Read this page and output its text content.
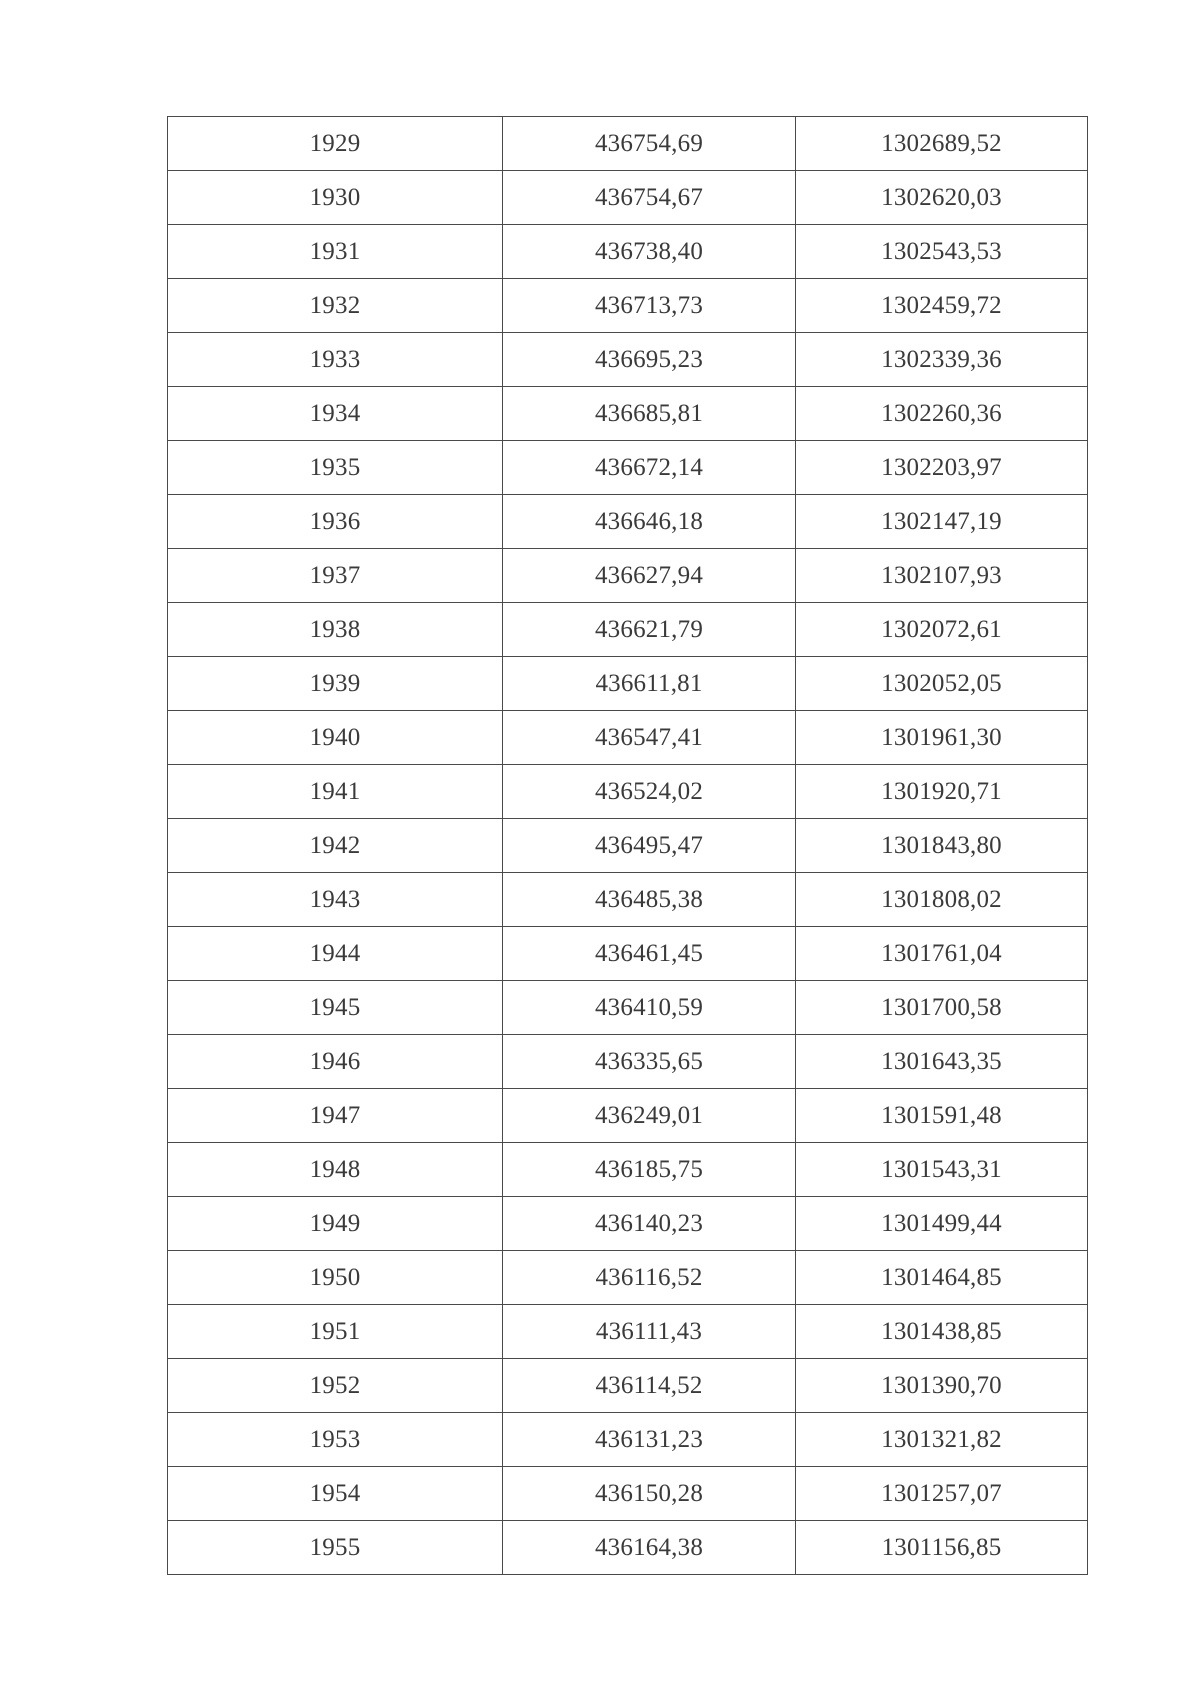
1929	436754,69	1302689,52
1930	436754,67	1302620,03
1931	436738,40	1302543,53
1932	436713,73	1302459,72
1933	436695,23	1302339,36
1934	436685,81	1302260,36
1935	436672,14	1302203,97
1936	436646,18	1302147,19
1937	436627,94	1302107,93
1938	436621,79	1302072,61
1939	436611,81	1302052,05
1940	436547,41	1301961,30
1941	436524,02	1301920,71
1942	436495,47	1301843,80
1943	436485,38	1301808,02
1944	436461,45	1301761,04
1945	436410,59	1301700,58
1946	436335,65	1301643,35
1947	436249,01	1301591,48
1948	436185,75	1301543,31
1949	436140,23	1301499,44
1950	436116,52	1301464,85
1951	436111,43	1301438,85
1952	436114,52	1301390,70
1953	436131,23	1301321,82
1954	436150,28	1301257,07
1955	436164,38	1301156,85
